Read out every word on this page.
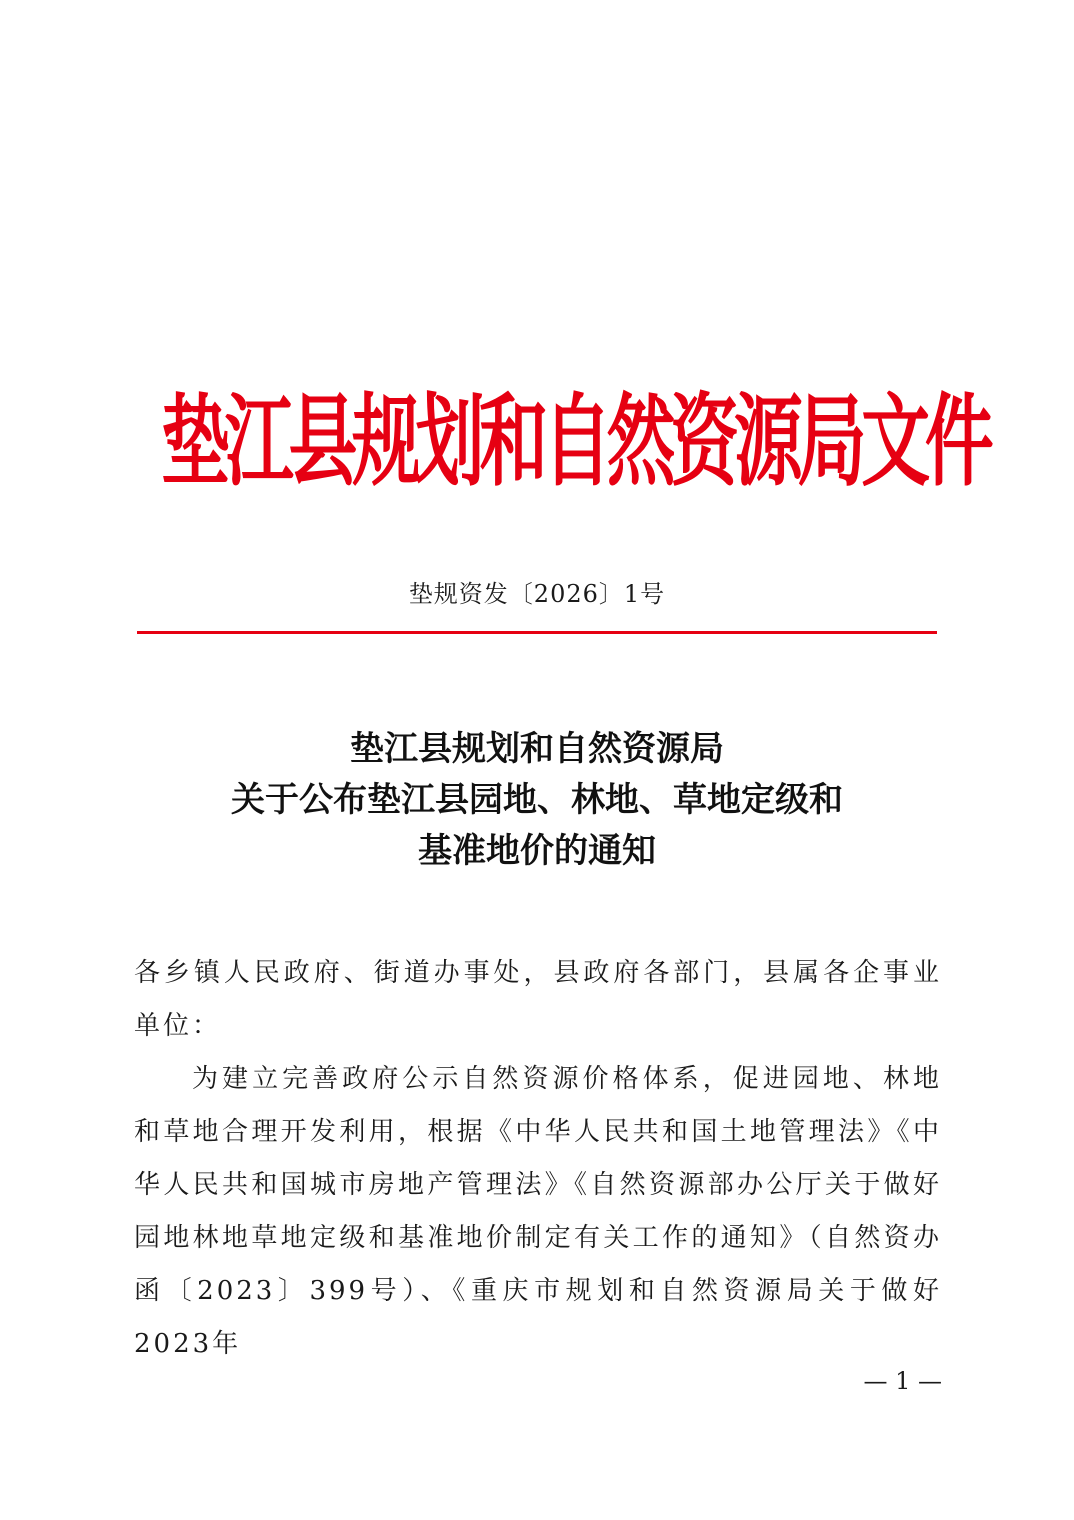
垫江县规划和自然资源局文件
垫规资发〔2026〕1号
垫江县规划和自然资源局
关于公布垫江县园地、林地、草地定级和
基准地价的通知

各乡镇人民政府、街道办事处，县政府各部门，县属各企事业单位：

为建立完善政府公示自然资源价格体系，促进园地、林地和草地合理开发利用，根据《中华人民共和国土地管理法》《中华人民共和国城市房地产管理法》《自然资源部办公厅关于做好园地林地草地定级和基准地价制定有关工作的通知》（自然资办函〔2023〕399号）、《重庆市规划和自然资源局关于做好2023年

— 1 —
